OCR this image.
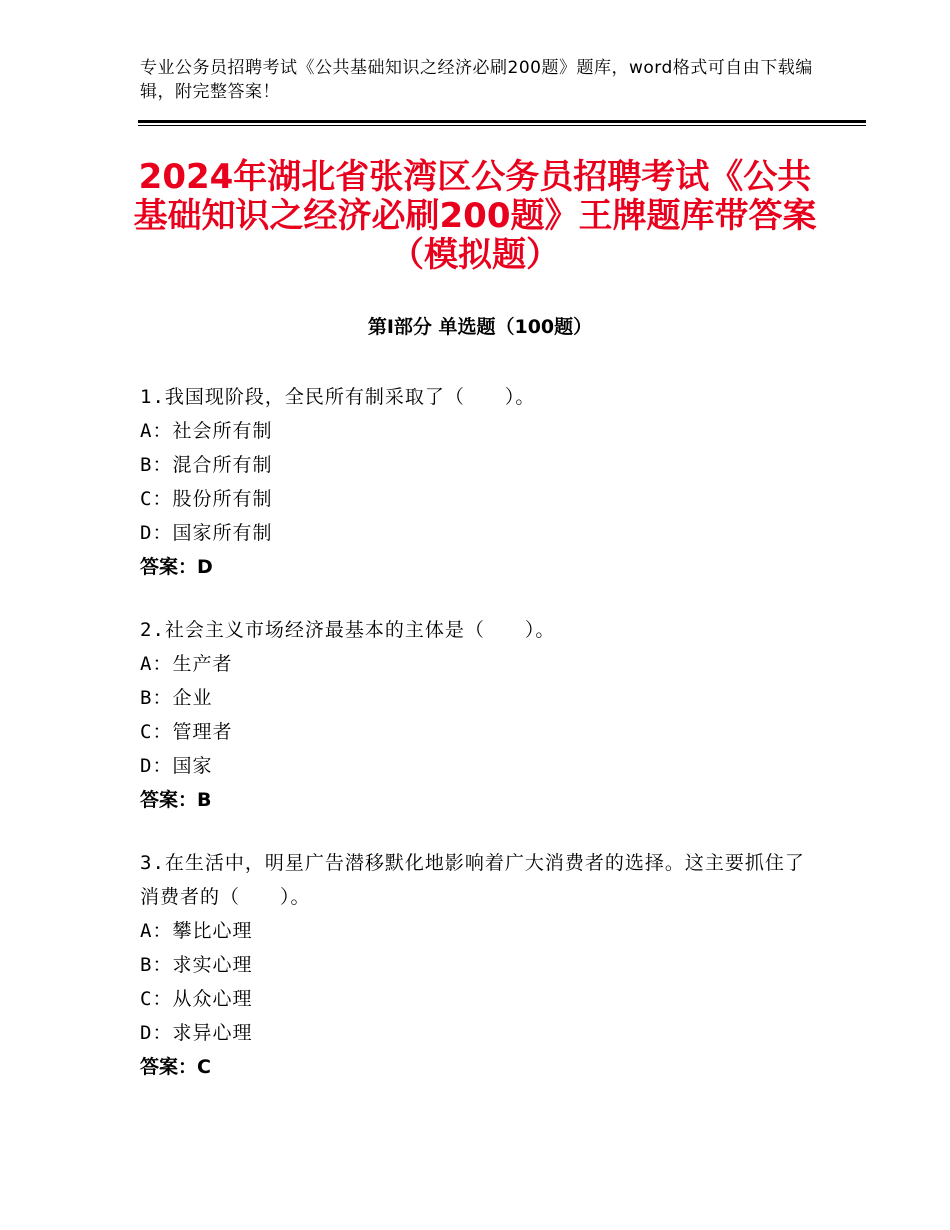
专业公务员招聘考试《公共基础知识之经济必刷200题》题库，word格式可自由下载编辑，附完整答案！
2024年湖北省张湾区公务员招聘考试《公共基础知识之经济必刷200题》王牌题库带答案（模拟题）
第Ⅰ部分 单选题（100题）
1.我国现阶段，全民所有制采取了（　　）。
A：社会所有制
B：混合所有制
C：股份所有制
D：国家所有制
答案：D
2.社会主义市场经济最基本的主体是（　　）。
A：生产者
B：企业
C：管理者
D：国家
答案：B
3.在生活中，明星广告潜移默化地影响着广大消费者的选择。这主要抓住了消费者的（　　）。
A：攀比心理
B：求实心理
C：从众心理
D：求异心理
答案：C
